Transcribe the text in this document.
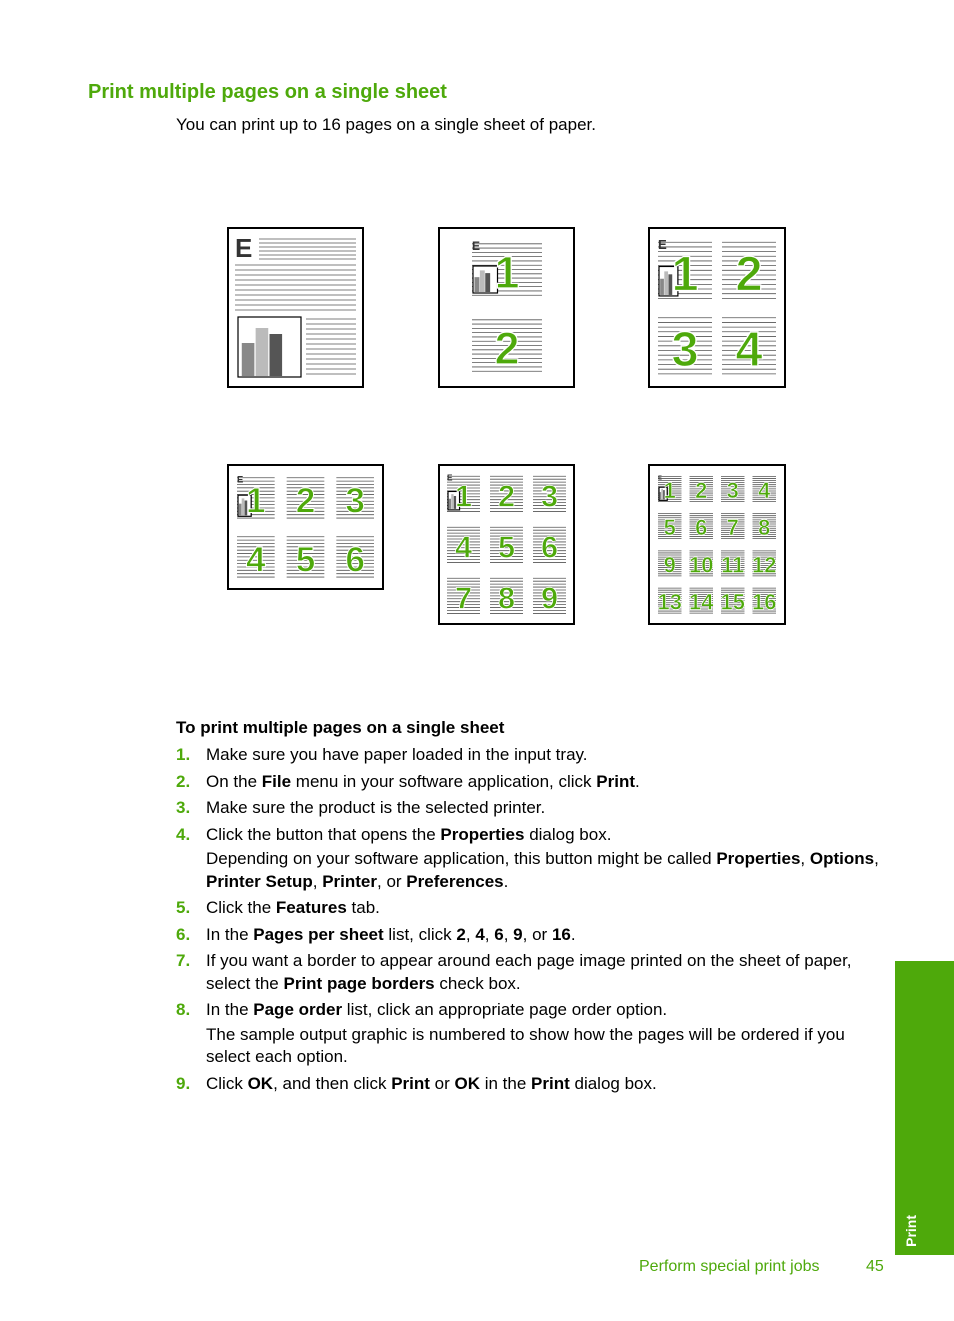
Print multiple pages on a single sheet

You can print up to 16 pages on a single sheet of paper.

E	E
1
2
E
1 2
3 4
E
1 2 3
4 5 6
E
1 2 3
4 5 6
7 8 9
E 1 2 3 4
5 6 7 8
9 10 11 12
13 14 15 16

To print multiple pages on a single sheet

1. Make sure you have paper loaded in the input tray.
2. On the File menu in your software application, click Print.
3. Make sure the product is the selected printer.
4. Click the button that opens the Properties dialog box.
Depending on your software application, this button might be called Properties, Options, Printer Setup, Printer, or Preferences.
5. Click the Features tab.
6. In the Pages per sheet list, click 2, 4, 6, 9, or 16.
7. If you want a border to appear around each page image printed on the sheet of paper, select the Print page borders check box.
8. In the Page order list, click an appropriate page order option.
The sample output graphic is numbered to show how the pages will be ordered if you select each option.
9. Click OK, and then click Print or OK in the Print dialog box.
Print
Perform special print jobs	45
